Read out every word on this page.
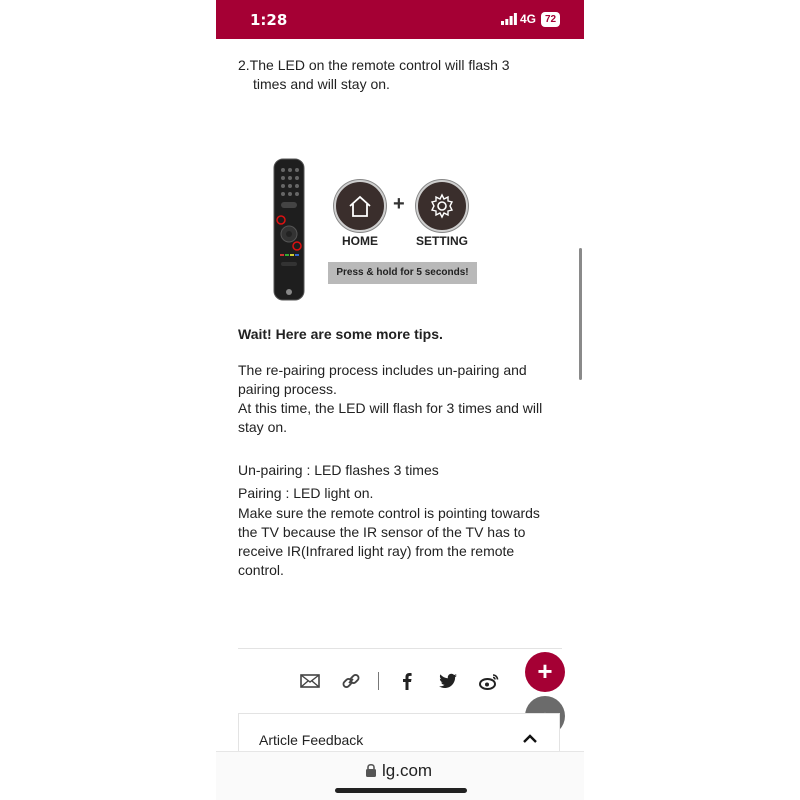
1:28	4G 72
2.The LED on the remote control will flash 3
times and will stay on.
+
HOME	SETTING
Press & hold for 5 seconds!
Wait! Here are some more tips.
The re-pairing process includes un-pairing and pairing process.
At this time, the LED will flash for 3 times and will stay on.
Un-pairing : LED flashes 3 times
Pairing : LED light on.
Make sure the remote control is pointing towards the TV because the IR sensor of the TV has to receive IR(Infrared light ray) from the remote control.
+
Article Feedback
lg.com
